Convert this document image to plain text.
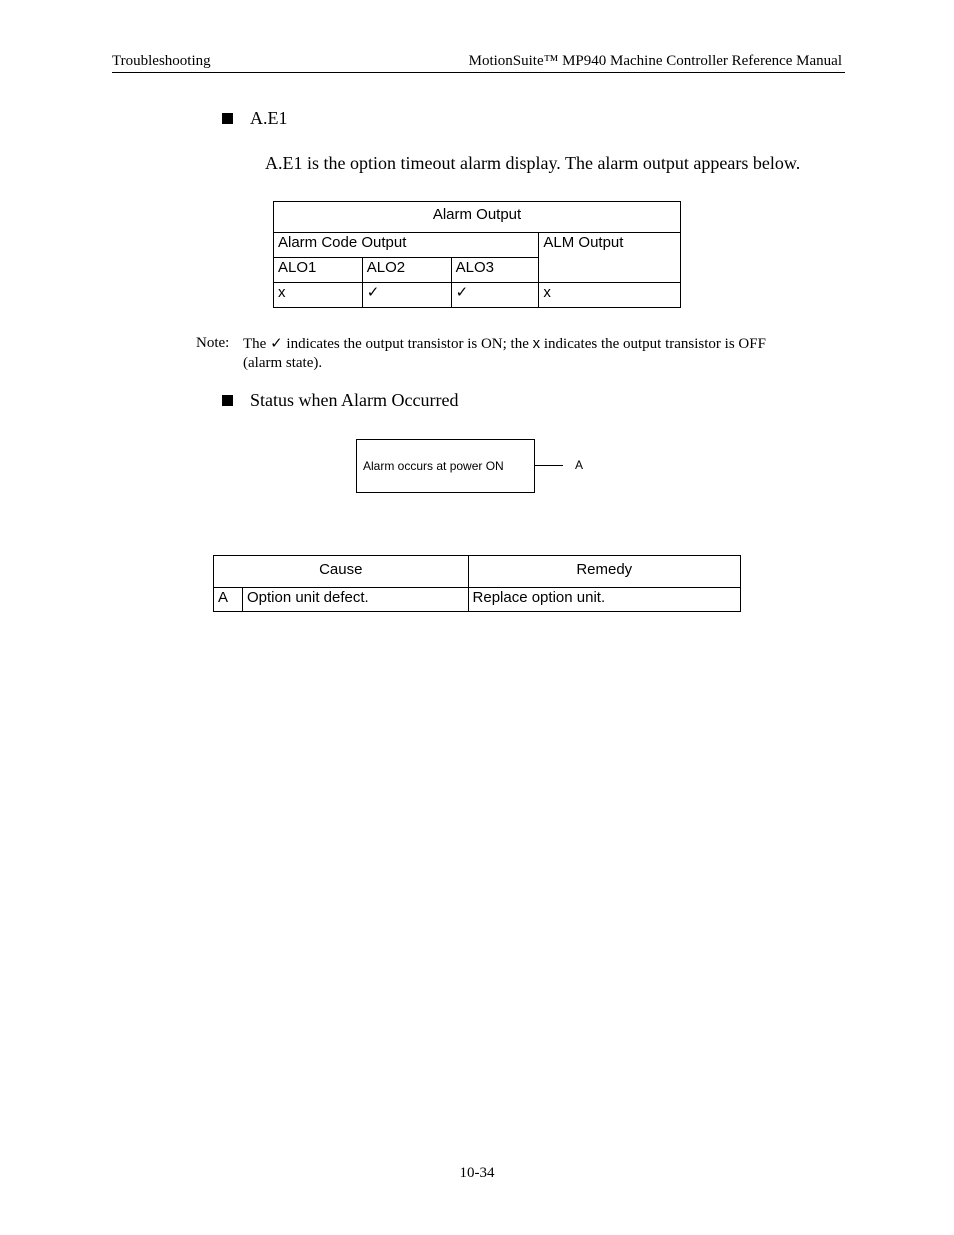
Troubleshooting	MotionSuite™ MP940 Machine Controller Reference Manual
A.E1
A.E1 is the option timeout alarm display. The alarm output appears below.
Alarm Output			
Alarm Code Output			ALM Output
ALO1	ALO2	ALO3	
x	✓	✓	x
Note: The ✓ indicates the output transistor is ON; the x indicates the output transistor is OFF (alarm state).
Status when Alarm Occurred
Alarm occurs at power ON	A
Cause		Remedy
A	Option unit defect.	Replace option unit.
10-34
